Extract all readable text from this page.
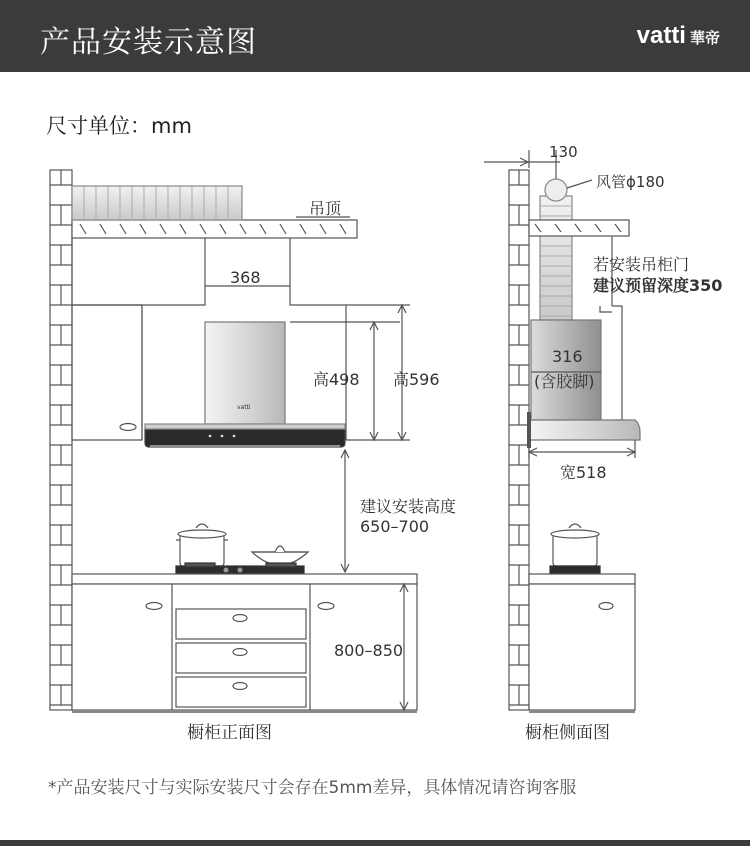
产品安装示意图	vatti 華帝
尺寸单位：mm
吊顶
368
高498 高596
vatti
建议安装高度
650–700
800–850
橱柜正面图
130
风管ϕ180
若安装吊柜门
建议预留深度350
316
(含胶脚)
宽518
橱柜侧面图
*产品安装尺寸与实际安装尺寸会存在5mm差异，具体情况请咨询客服
